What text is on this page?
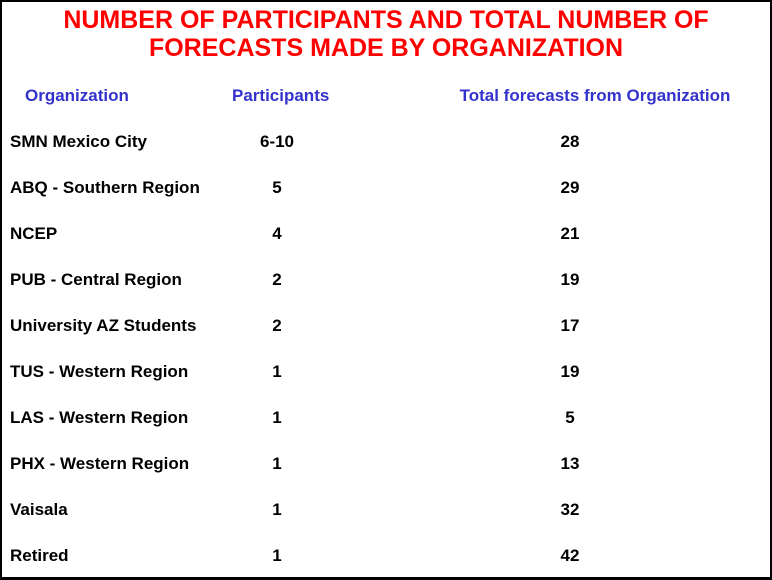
NUMBER OF PARTICIPANTS AND TOTAL NUMBER OF
FORECASTS MADE BY ORGANIZATION
Organization	Participants	Total forecasts from Organization
SMN Mexico City	6-10	28
ABQ - Southern Region	5	29
NCEP	4	21
PUB - Central Region	2	19
University AZ Students	2	17
TUS - Western Region	1	19
LAS - Western Region	1	5
PHX - Western Region	1	13
Vaisala	1	32
Retired	1	42
